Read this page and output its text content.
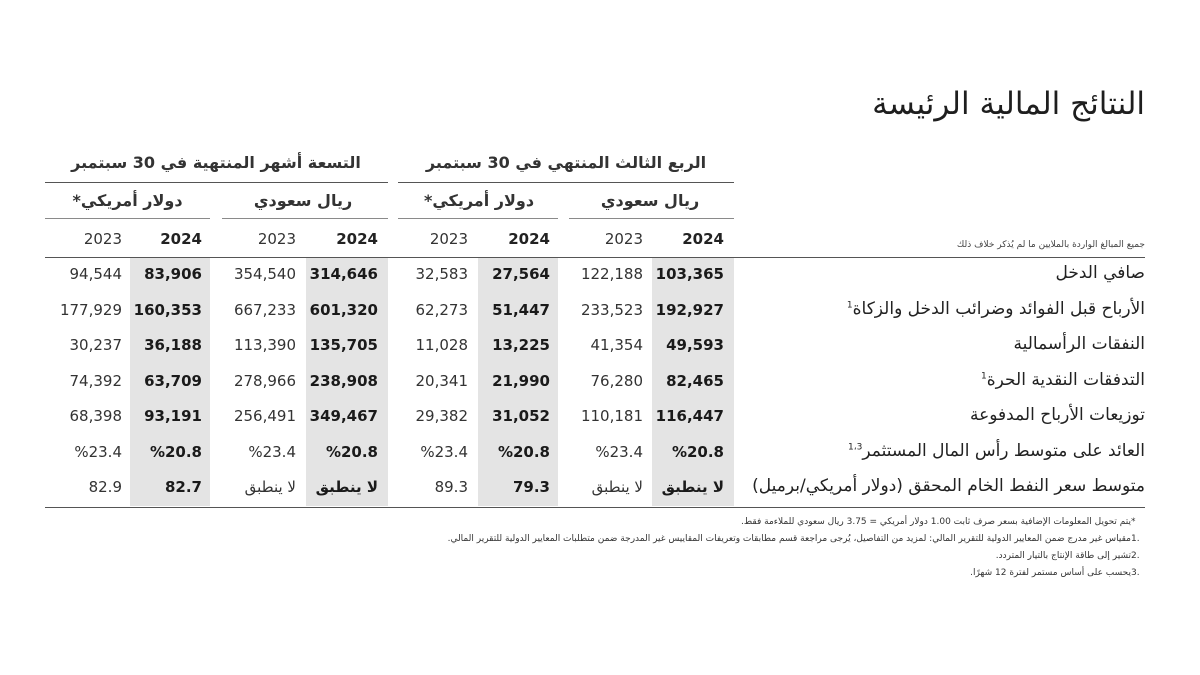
النتائج المالية الرئيسة
الربع الثالث المنتهي في 30 سبتمبر
التسعة أشهر المنتهية في 30 سبتمبر
ريال سعودي
دولار أمريكي*
ريال سعودي
دولار أمريكي*
2024
2023
2024
2023
2024
2023
2024
2023	جميع المبالغ الواردة بالملايين ما لم يُذكر خلاف ذلك
صافي الدخل
103,365
122,188
27,564
32,583
314,646
354,540
83,906
94,544
الأرباح قبل الفوائد وضرائب الدخل والزكاة$^1$
192,927
233,523
51,447
62,273
601,320
667,233
160,353
177,929
النفقات الرأسمالية
49,593
41,354
13,225
11,028
135,705
113,390
36,188
30,237
التدفقات النقدية الحرة$^1$
82,465
76,280
21,990
20,341
238,908
278,966
63,709
74,392
توزيعات الأرباح المدفوعة
116,447
110,181
31,052
29,382
349,467
256,491
93,191
68,398
العائد على متوسط رأس المال المستثمر$^{1،3}$
%20.8
%23.4
%20.8
%23.4
%20.8
%23.4
%20.8
%23.4
متوسط سعر النفط الخام المحقق (دولار أمريكي/برميل)
لا ينطبق
لا ينطبق
79.3
89.3
لا ينطبق
لا ينطبق
82.7
82.9
*يتم تحويل المعلومات الإضافية بسعر صرف ثابت 1.00 دولار أمريكي = 3.75 ريال سعودي للملاءمة فقط.
.1مقياس غير مدرج ضمن المعايير الدولية للتقرير المالي: لمزيد من التفاصيل، يُرجى مراجعة قسم مطابقات وتعريفات المقاييس غير المدرجة ضمن متطلبات المعايير الدولية للتقرير المالي.
.2تشير إلى طاقة الإنتاج بالتيار المتردد.
.3يحسب على أساس مستمر لفترة 12 شهرًا.
